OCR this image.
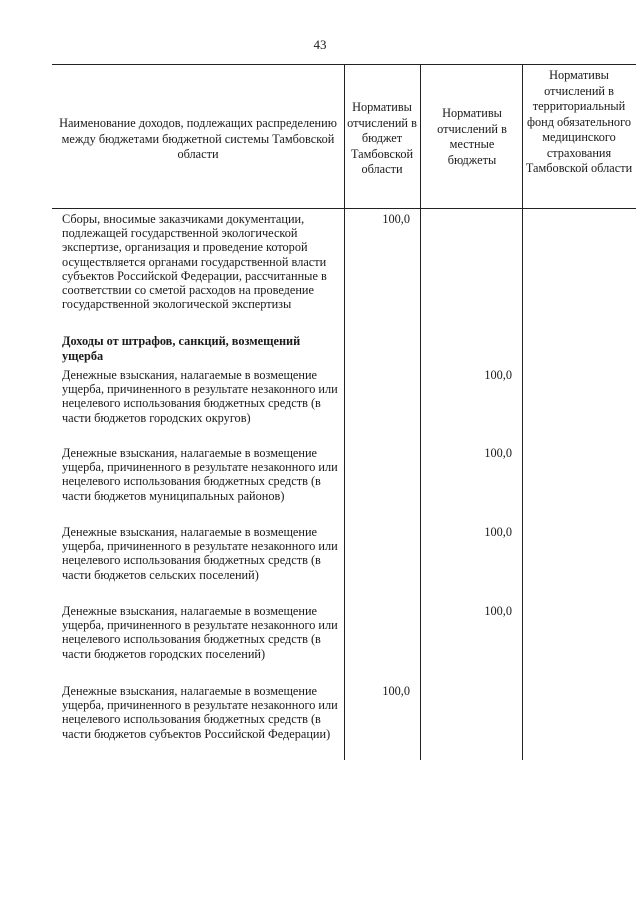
43
Наименование доходов, подлежащих распределению между бюджетами бюджетной системы Тамбовской области
Нормативы отчислений в бюджет Тамбовской области
Нормативы отчислений в местные бюджеты
Нормативы отчислений в территориальный фонд обязательного медицинского страхования Тамбовской области
Сборы, вносимые заказчиками документации, подлежащей государственной экологической экспертизе, организация и проведение которой осуществляется органами государственной власти субъектов Российской Федерации, рассчитанные в соответствии со сметой расходов на проведение государственной экологической экспертизы
100,0
Доходы от штрафов, санкций, возмещений ущерба
Денежные взыскания, налагаемые в возмещение ущерба, причиненного в результате незаконного или нецелевого использования бюджетных средств (в части бюджетов городских округов)
100,0
Денежные взыскания, налагаемые в возмещение ущерба, причиненного в результате незаконного или нецелевого использования бюджетных средств (в части бюджетов муниципальных районов)
100,0
Денежные взыскания, налагаемые в возмещение ущерба, причиненного в результате незаконного или нецелевого использования бюджетных средств (в части бюджетов сельских поселений)
100,0
Денежные взыскания, налагаемые в возмещение ущерба, причиненного в результате незаконного или нецелевого использования бюджетных средств (в части бюджетов городских поселений)
100,0
Денежные взыскания, налагаемые в возмещение ущерба, причиненного в результате незаконного или нецелевого использования бюджетных средств (в части бюджетов субъектов Российской Федерации)
100,0
